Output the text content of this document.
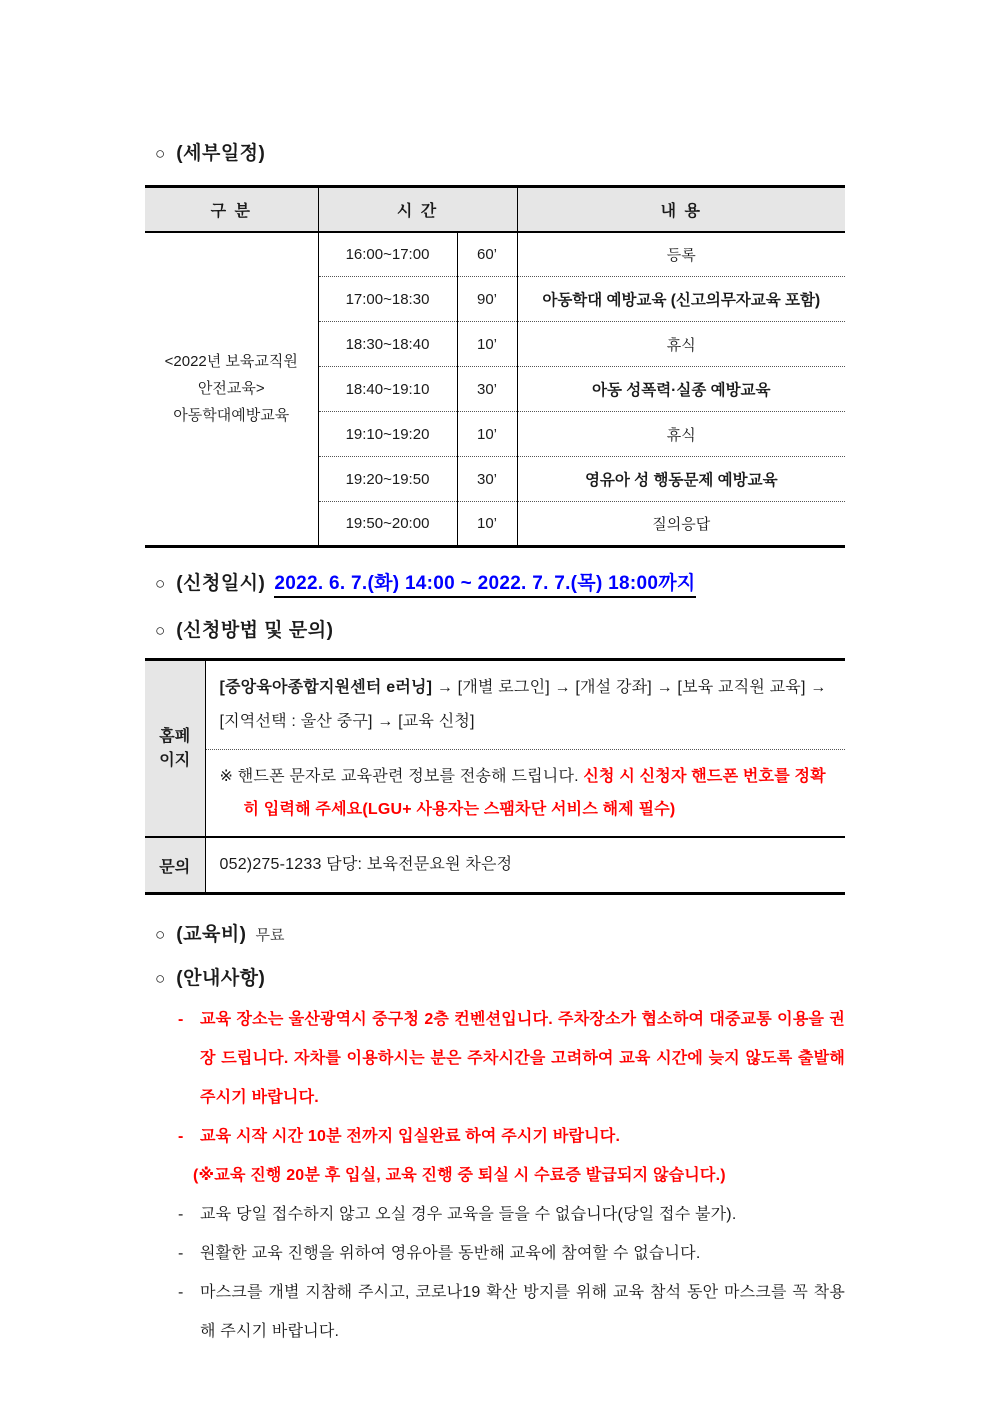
○ (세부일정)
구 분	시 간		내 용

<2022년 보육교직원
안전교육>
아동학대예방교육	16:00~17:00	60’	등록
	17:00~18:30	90’	아동학대 예방교육 (신고의무자교육 포함)
	18:30~18:40	10’	휴식
	18:40~19:10	30’	아동 성폭력·실종 예방교육
	19:10~19:20	10’	휴식
	19:20~19:50	30’	영유아 성 행동문제 예방교육
	19:50~20:00	10’	질의응답
○ (신청일시) 2022. 6. 7.(화) 14:00 ~ 2022. 7. 7.(목) 18:00까지
○ (신청방법 및 문의)
홈페이지	[중앙육아종합지원센터 e러닝] → [개별 로그인] → [개설 강좌] → [보육 교직원 교육] → [지역선택 : 울산 중구] → [교육 신청]

	※ 핸드폰 문자로 교육관련 정보를 전송해 드립니다. 신청 시 신청자 핸드폰 번호를 정확히 입력해 주세요(LGU+ 사용자는 스팸차단 서비스 해제 필수)

문의	052)275-1233 담당: 보육전문요원 차은정
○ (교육비) 무료
○ (안내사항)
-	교육 장소는 울산광역시 중구청 2층 컨벤션입니다. 주차장소가 협소하여 대중교통 이용을 권장 드립니다. 자차를 이용하시는 분은 주차시간을 고려하여 교육 시간에 늦지 않도록 출발해주시기 바랍니다.

-	교육 시작 시간 10분 전까지 입실완료 하여 주시기 바랍니다.

(※교육 진행 20분 후 입실, 교육 진행 중 퇴실 시 수료증 발급되지 않습니다.)

-	교육 당일 접수하지 않고 오실 경우 교육을 들을 수 없습니다(당일 접수 불가).

-	원활한 교육 진행을 위하여 영유아를 동반해 교육에 참여할 수 없습니다.

-	마스크를 개별 지참해 주시고, 코로나19 확산 방지를 위해 교육 참석 동안 마스크를 꼭 착용해 주시기 바랍니다.
